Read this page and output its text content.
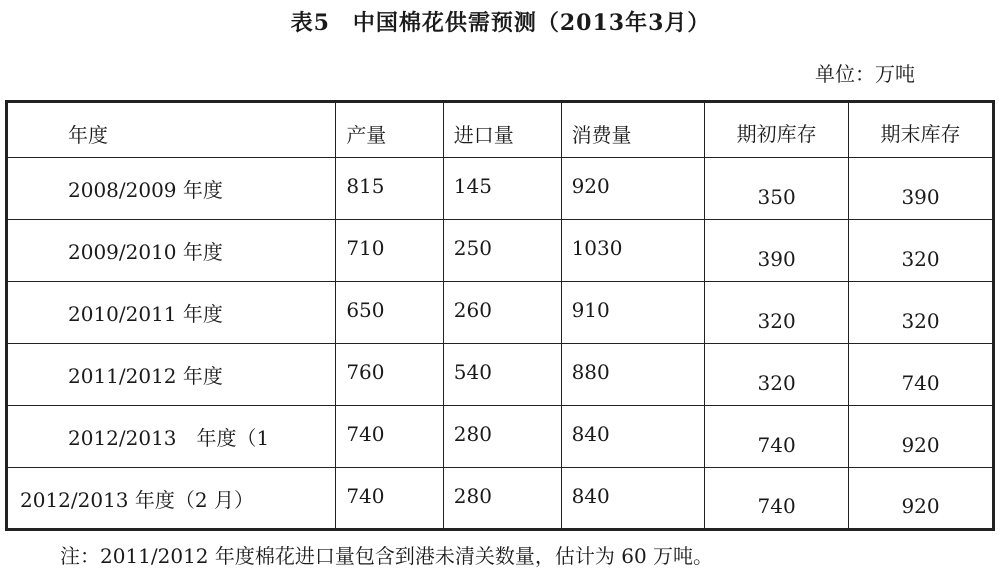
表5　中国棉花供需预测（2013年3月）
单位：万吨
年度	产量	进口量	消费量	期初库存	期末库存
2008/2009 年度	815	145	920	350	390
2009/2010 年度	710	250	1030	390	320
2010/2011 年度	650	260	910	320	320
2011/2012 年度	760	540	880	320	740
2012/2013　年度（1	740	280	840	740	920
2012/2013 年度（2 月）	740	280	840	740	920
注：2011/2012 年度棉花进口量包含到港未清关数量，估计为 60 万吨。
